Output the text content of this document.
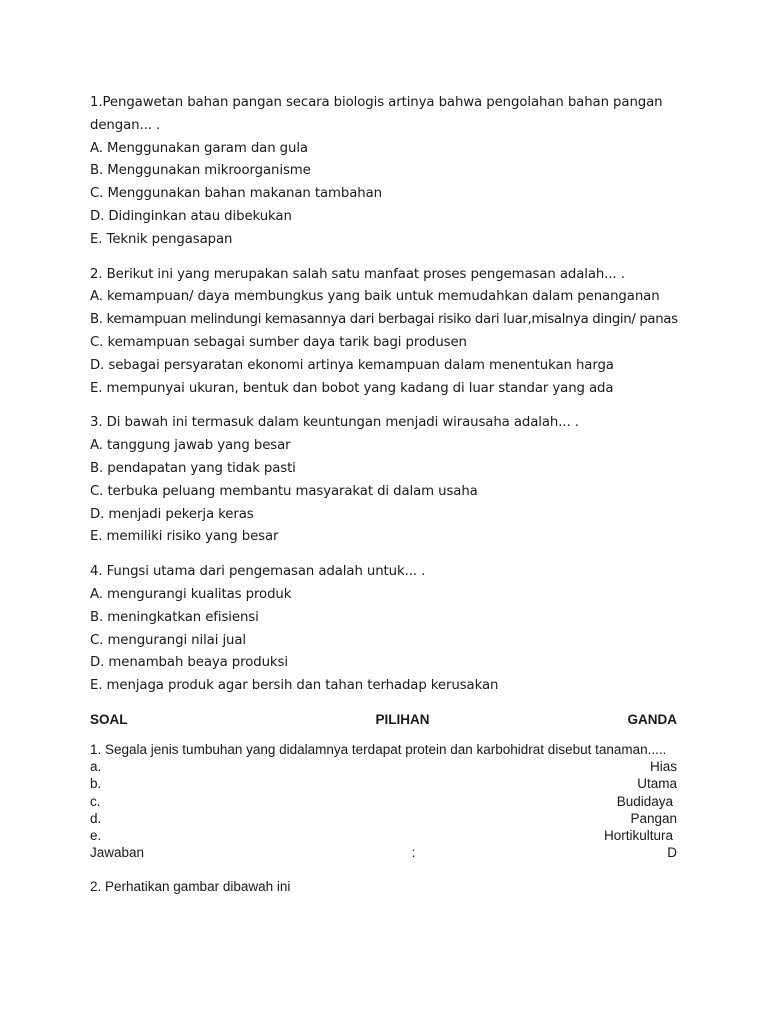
1.Pengawetan bahan pangan secara biologis artinya bahwa pengolahan bahan pangan

dengan... .

A. Menggunakan garam dan gula

B. Menggunakan mikroorganisme

C. Menggunakan bahan makanan tambahan

D. Didinginkan atau dibekukan

E. Teknik pengasapan

2. Berikut ini yang merupakan salah satu manfaat proses pengemasan adalah... .

A. kemampuan/ daya membungkus yang baik untuk memudahkan dalam penanganan

B. kemampuan melindungi kemasannya dari berbagai risiko dari luar,misalnya dingin/ panas

C. kemampuan sebagai sumber daya tarik bagi produsen

D. sebagai persyaratan ekonomi artinya kemampuan dalam menentukan harga

E. mempunyai ukuran, bentuk dan bobot yang kadang di luar standar yang ada

3. Di bawah ini termasuk dalam keuntungan menjadi wirausaha adalah... .

A. tanggung jawab yang besar

B. pendapatan yang tidak pasti

C. terbuka peluang membantu masyarakat di dalam usaha

D. menjadi pekerja keras

E. memiliki risiko yang besar

4. Fungsi utama dari pengemasan adalah untuk... .

A. mengurangi kualitas produk

B. meningkatkan efisiensi

C. mengurangi nilai jual

D. menambah beaya produksi

E. menjaga produk agar bersih dan tahan terhadap kerusakan

SOAL	PILIHAN	GANDA

1. Segala jenis tumbuhan yang didalamnya terdapat protein dan karbohidrat disebut tanaman.....

a.	Hias
b.	Utama
c.	Budidaya
d.	Pangan
e.	Hortikultura
Jawaban	:	D

2. Perhatikan gambar dibawah ini
